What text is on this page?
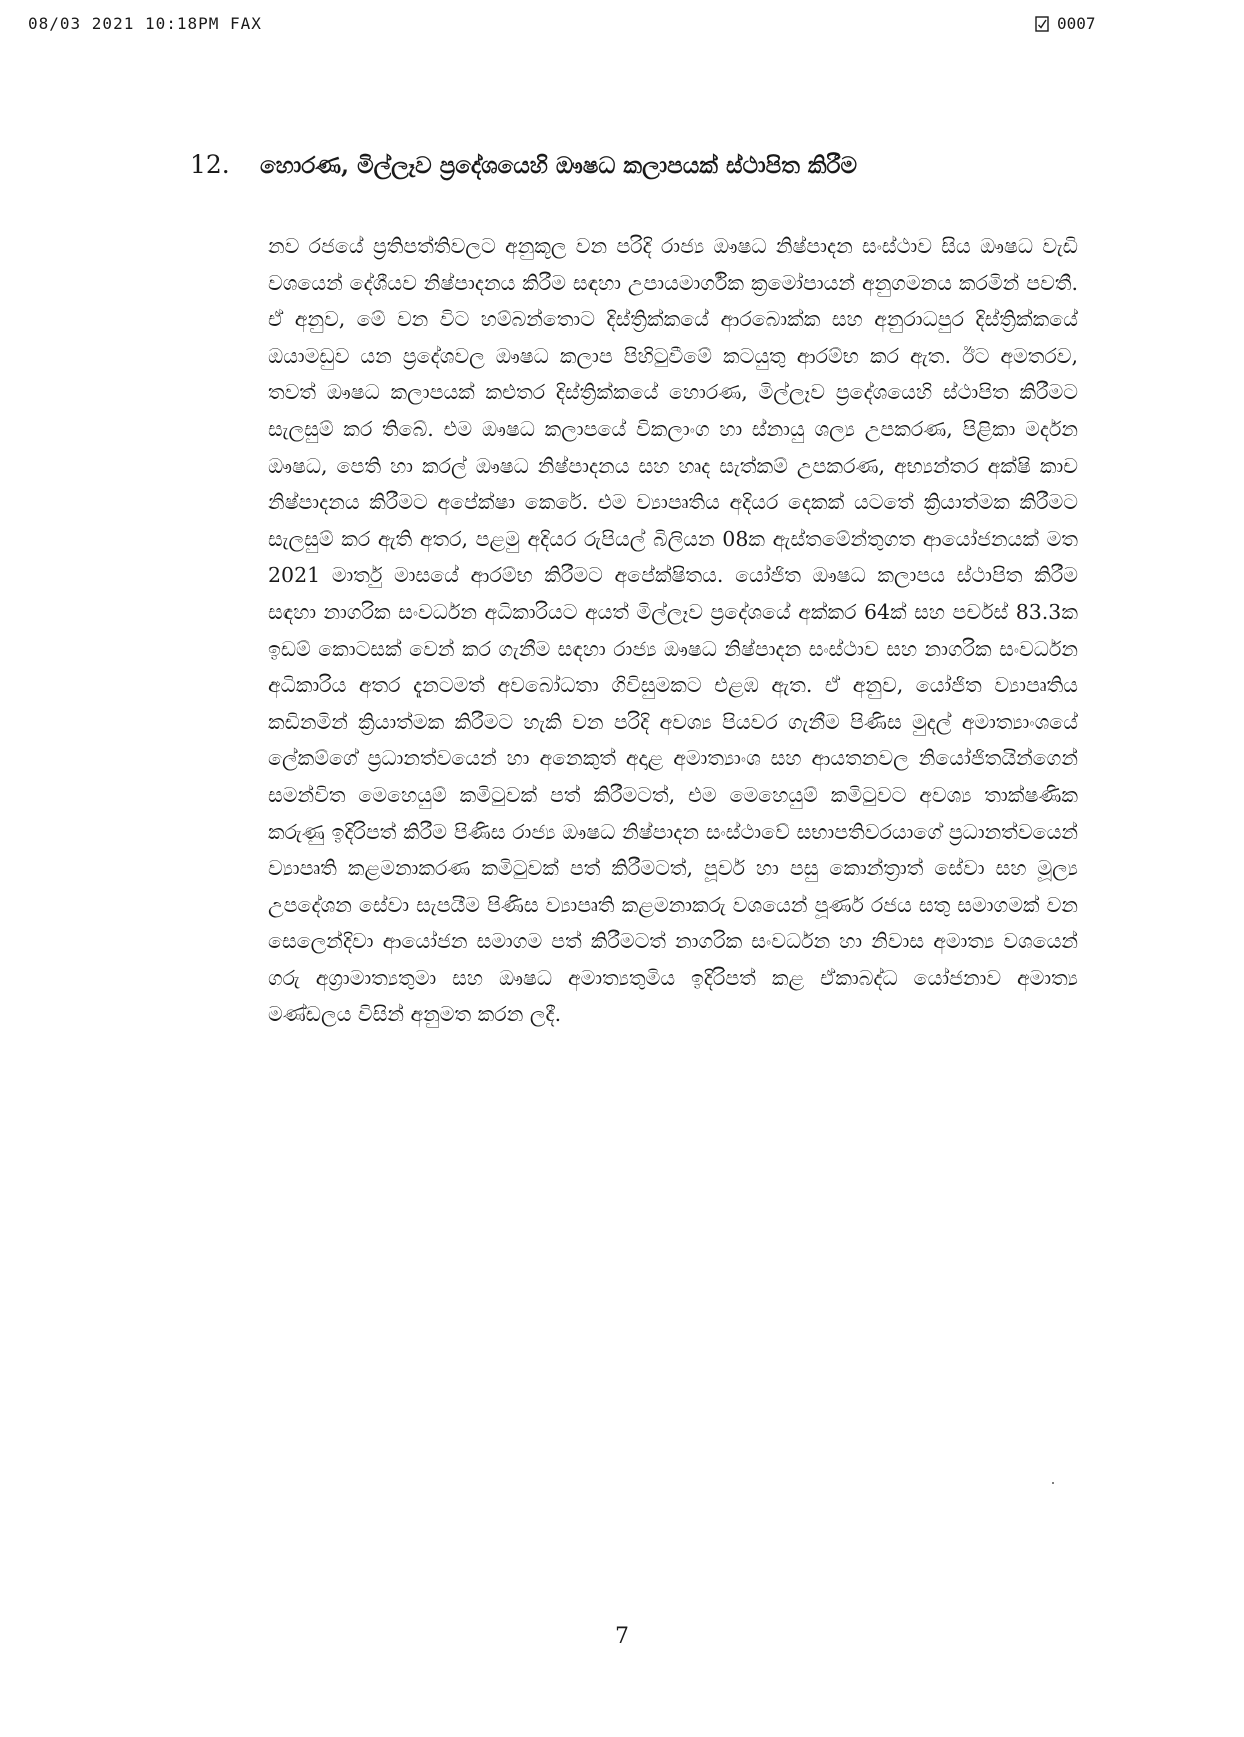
08/03 2021 10:18PM FAX	0007
12.	හොරණ, මිල්ලෑව ප්‍රදේශයෙහි ඖෂධ කලාපයක් ස්ථාපිත කිරීම

නව රජයේ ප්‍රතිපත්තිවලට අනුකූල වන පරිදි රාජ්‍ය ඖෂධ නිෂ්පාදන සංස්ථාව සිය ඖෂධ වැඩි වශයෙන් දේශීයව නිෂ්පාදනය කිරීම සඳහා උපායමාර්ගික ක්‍රමෝපායන් අනුගමනය කරමින් පවතී. ඒ අනුව, මේ වන විට හම්බන්තොට දිස්ත්‍රික්කයේ ආරබොක්ක සහ අනුරාධපුර දිස්ත්‍රික්කයේ ඔයාමඩුව යන ප්‍රදේශවල ඖෂධ කලාප පිහිටුවීමේ කටයුතු ආරම්භ කර ඇත. ඊට අමතරව, තවත් ඖෂධ කලාපයක් කළුතර දිස්ත්‍රික්කයේ හොරණ, මිල්ලෑව ප්‍රදේශයෙහි ස්ථාපිත කිරීමට සැලසුම් කර තිබේ. එම ඖෂධ කලාපයේ විකලාංග හා ස්නායු ශල්‍ය උපකරණ, පිළිකා මර්දන ඖෂධ, පෙති හා කරල් ඖෂධ නිෂ්පාදනය සහ හෘද සැත්කම් උපකරණ, අභ්‍යන්තර අක්ෂි කාච නිෂ්පාදනය කිරීමට අපේක්ෂා කෙරේ. එම ව්‍යාපෘතිය අදියර දෙකක් යටතේ ක්‍රියාත්මක කිරීමට සැලසුම් කර ඇති අතර, පළමු අදියර රුපියල් බිලියන 08ක ඇස්තමේන්තුගත ආයෝජනයක් මත 2021 මාර්තු මාසයේ ආරම්භ කිරීමට අපේක්ෂිතය. යෝජිත ඖෂධ කලාපය ස්ථාපිත කිරීම සඳහා නාගරික සංවර්ධන අධිකාරියට අයත් මිල්ලෑව ප්‍රදේශයේ අක්කර 64ක් සහ පර්චස් 83.3ක ඉඩම් කොටසක් වෙන් කර ගැනීම සඳහා රාජ්‍ය ඖෂධ නිෂ්පාදන සංස්ථාව සහ නාගරික සංවර්ධන අධිකාරිය අතර දැනටමත් අවබෝධතා ගිවිසුමකට එළඹ ඇත. ඒ අනුව, යෝජිත ව්‍යාපෘතිය කඩිනමින් ක්‍රියාත්මක කිරීමට හැකි වන පරිදි අවශ්‍ය පියවර ගැනීම පිණිස මුදල් අමාත්‍යාංශයේ ලේකම්ගේ ප්‍රධානත්වයෙන් හා අනෙකුත් අදාළ අමාත්‍යාංශ සහ ආයතනවල නියෝජිතයින්ගෙන් සමන්විත මෙහෙයුම් කමිටුවක් පත් කිරීමටත්, එම මෙහෙයුම් කමිටුවට අවශ්‍ය තාක්ෂණික කරුණු ඉදිරිපත් කිරීම පිණිස රාජ්‍ය ඖෂධ නිෂ්පාදන සංස්ථාවේ සභාපතිවරයාගේ ප්‍රධානත්වයෙන් ව්‍යාපෘති කළමනාකරණ කමිටුවක් පත් කිරීමටත්, පූර්ව හා පසු කොන්ත්‍රාත් සේවා සහ මූල්‍ය උපදේශන සේවා සැපයීම පිණිස ව්‍යාපෘති කළමනාකරු වශයෙන් පූර්ණ රජය සතු සමාගමක් වන සෙලෙන්දිවා ආයෝජන සමාගම පත් කිරීමටත් නාගරික සංවර්ධන හා නිවාස අමාත්‍ය වශයෙන් ගරු අග්‍රාමාත්‍යතුමා සහ ඖෂධ අමාත්‍යතුමිය ඉදිරිපත් කළ ඒකාබද්ධ යෝජනාව අමාත්‍ය මණ්ඩලය විසින් අනුමත කරන ලදී.

7
